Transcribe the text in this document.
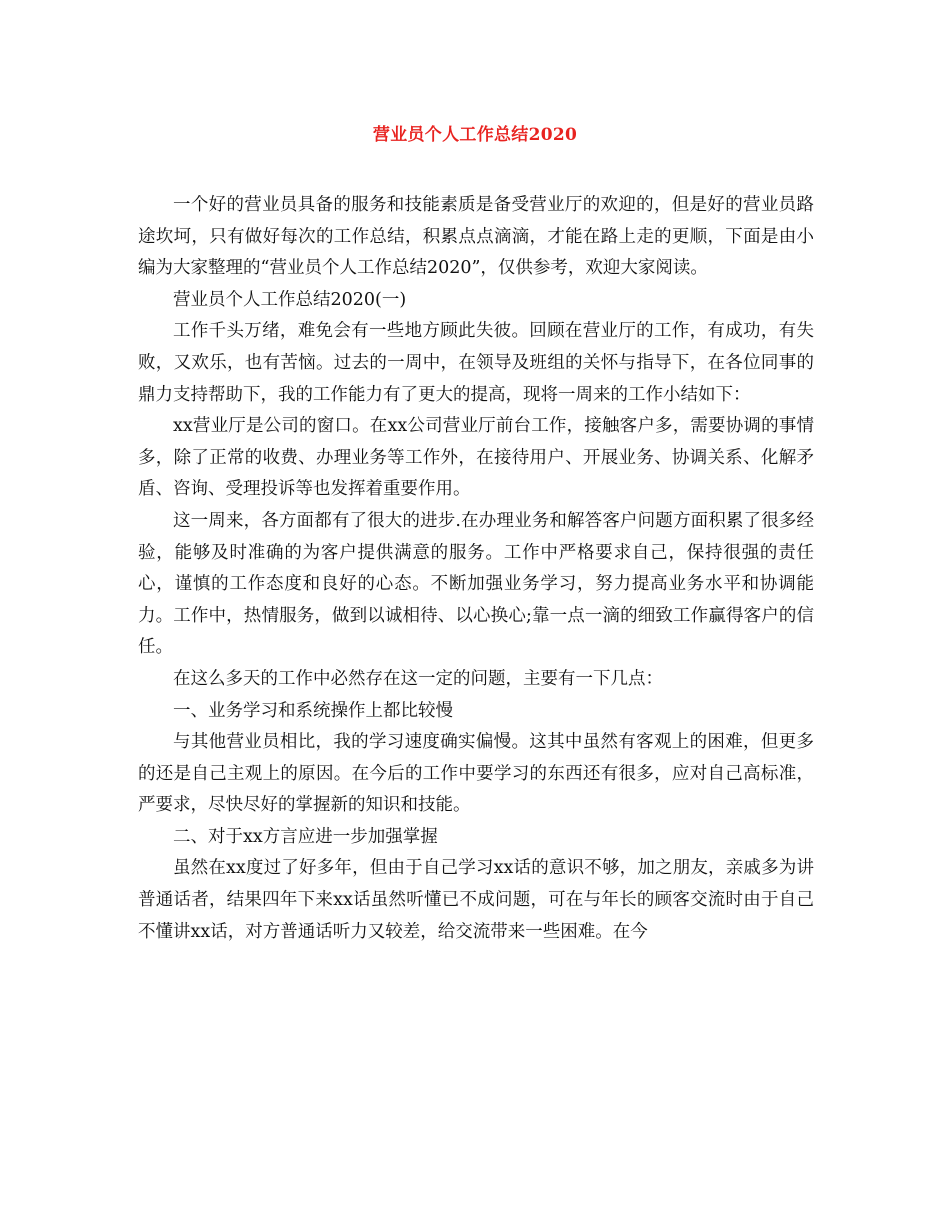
营业员个人工作总结2020

一个好的营业员具备的服务和技能素质是备受营业厅的欢迎的，但是好的营业员路途坎坷，只有做好每次的工作总结，积累点点滴滴，才能在路上走的更顺，下面是由小编为大家整理的“营业员个人工作总结2020”，仅供参考，欢迎大家阅读。

营业员个人工作总结2020(一)

工作千头万绪，难免会有一些地方顾此失彼。回顾在营业厅的工作，有成功，有失败，又欢乐，也有苦恼。过去的一周中，在领导及班组的关怀与指导下，在各位同事的鼎力支持帮助下，我的工作能力有了更大的提高，现将一周来的工作小结如下：

xx营业厅是公司的窗口。在xx公司营业厅前台工作，接触客户多，需要协调的事情多，除了正常的收费、办理业务等工作外，在接待用户、开展业务、协调关系、化解矛盾、咨询、受理投诉等也发挥着重要作用。

这一周来，各方面都有了很大的进步.在办理业务和解答客户问题方面积累了很多经验，能够及时准确的为客户提供满意的服务。工作中严格要求自己，保持很强的责任心，谨慎的工作态度和良好的心态。不断加强业务学习，努力提高业务水平和协调能力。工作中，热情服务，做到以诚相待、以心换心;靠一点一滴的细致工作赢得客户的信任。

在这么多天的工作中必然存在这一定的问题，主要有一下几点：

一、业务学习和系统操作上都比较慢

与其他营业员相比，我的学习速度确实偏慢。这其中虽然有客观上的困难，但更多的还是自己主观上的原因。在今后的工作中要学习的东西还有很多，应对自己高标准，严要求，尽快尽好的掌握新的知识和技能。

二、对于xx方言应进一步加强掌握

虽然在xx度过了好多年，但由于自己学习xx话的意识不够，加之朋友，亲戚多为讲普通话者，结果四年下来xx话虽然听懂已不成问题，可在与年长的顾客交流时由于自己不懂讲xx话，对方普通话听力又较差，给交流带来一些困难。在今
